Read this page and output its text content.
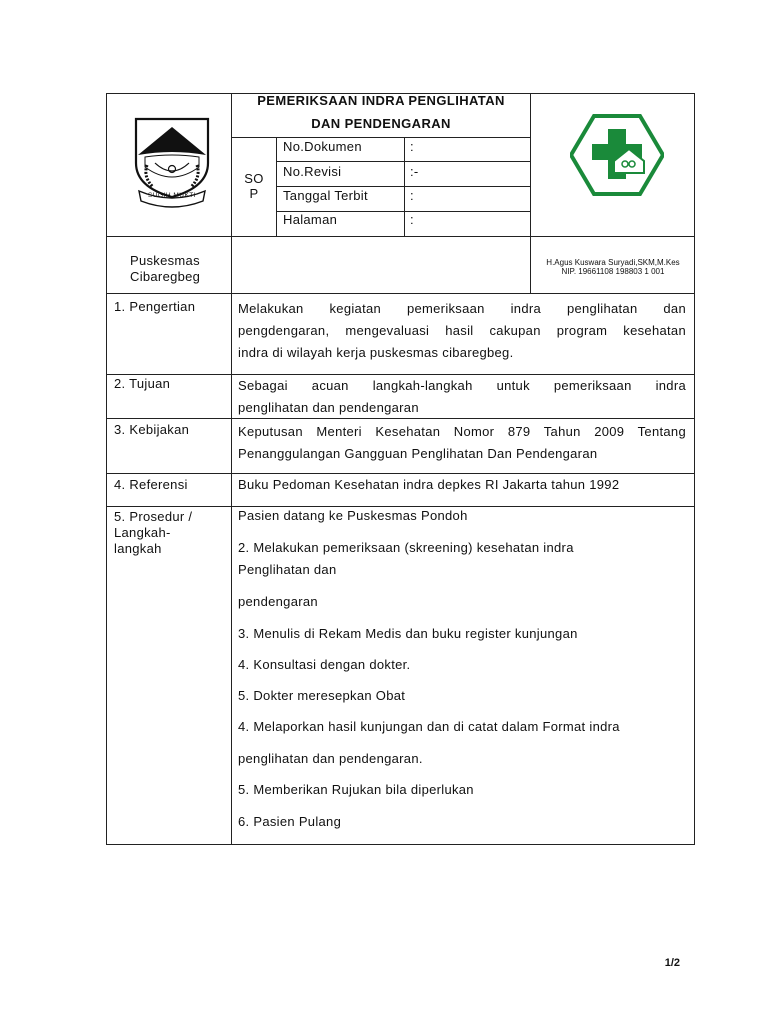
SUGIH MUKTI
PEMERIKSAAN INDRA PENGLIHATAN
DAN PENDENGARAN
SO
P
No.Dokumen	:
No.Revisi	:-
Tanggal Terbit	:
Halaman	:
Puskesmas
Cibaregbeg
H.Agus Kuswara Suryadi,SKM,M.Kes
NIP. 19661108 198803 1 001
1. Pengertian	Melakukan kegiatan pemeriksaan indra penglihatan dan
pengdengaran, mengevaluasi hasil cakupan program kesehatan
indra di wilayah kerja puskesmas cibaregbeg.
2. Tujuan	Sebagai acuan langkah-langkah untuk pemeriksaan indra
penglihatan dan pendengaran
3. Kebijakan	Keputusan Menteri Kesehatan Nomor 879 Tahun 2009 Tentang
Penanggulangan Gangguan Penglihatan Dan Pendengaran
4. Referensi	Buku Pedoman Kesehatan indra depkes RI Jakarta tahun 1992
5. Prosedur /
Langkah-
langkah
Pasien datang ke Puskesmas Pondoh
2. Melakukan pemeriksaan (skreening) kesehatan indra
Penglihatan dan
pendengaran
3. Menulis di Rekam Medis dan buku register kunjungan
4. Konsultasi dengan dokter.
5. Dokter meresepkan Obat
4. Melaporkan hasil kunjungan dan di catat dalam Format indra
penglihatan dan pendengaran.
5. Memberikan Rujukan bila diperlukan
6. Pasien Pulang
1/2
